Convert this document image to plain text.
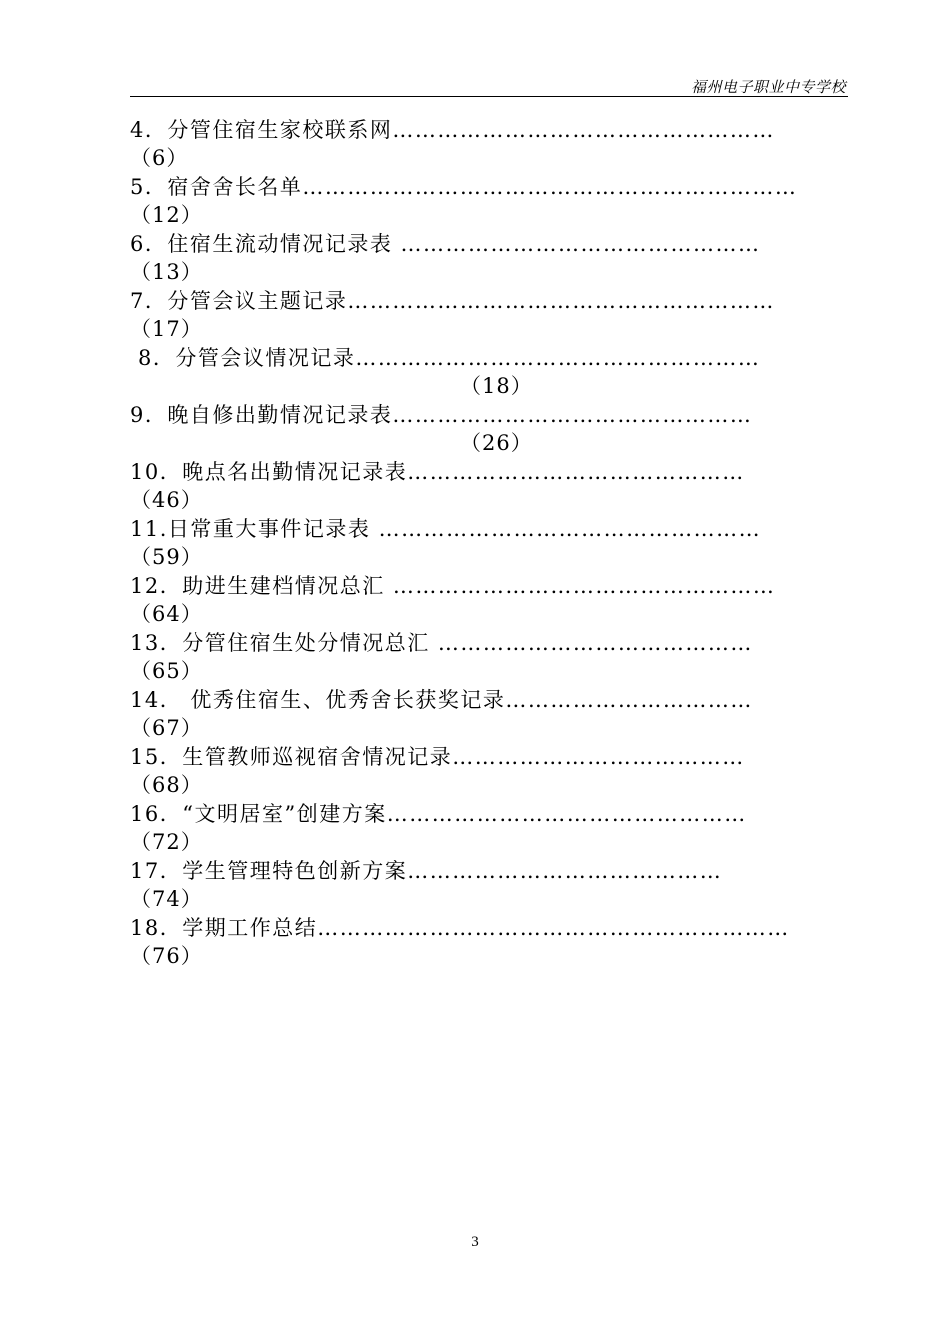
福州电子职业中专学校
4．分管住宿生家校联系网……………………………………………
（6）
5．宿舍舍长名单…………………………………………………………
（12）
6．住宿生流动情况记录表 …………………………………………
（13）
7．分管会议主题记录…………………………………………………
（17）
8．分管会议情况记录………………………………………………
（18）
9．晚自修出勤情况记录表…………………………………………
（26）
10．晚点名出勤情况记录表………………………………………
（46）
11.日常重大事件记录表 ……………………………………………
（59）
12．助进生建档情况总汇 ……………………………………………
（64）
13．分管住宿生处分情况总汇 ……………………………………
（65）
14． 优秀住宿生、优秀舍长获奖记录……………………………
（67）
15．生管教师巡视宿舍情况记录…………………………………
（68）
16．“文明居室”创建方案…………………………………………
（72）
17．学生管理特色创新方案……………………………………
（74）
18．学期工作总结………………………………………………………
（76）
3
